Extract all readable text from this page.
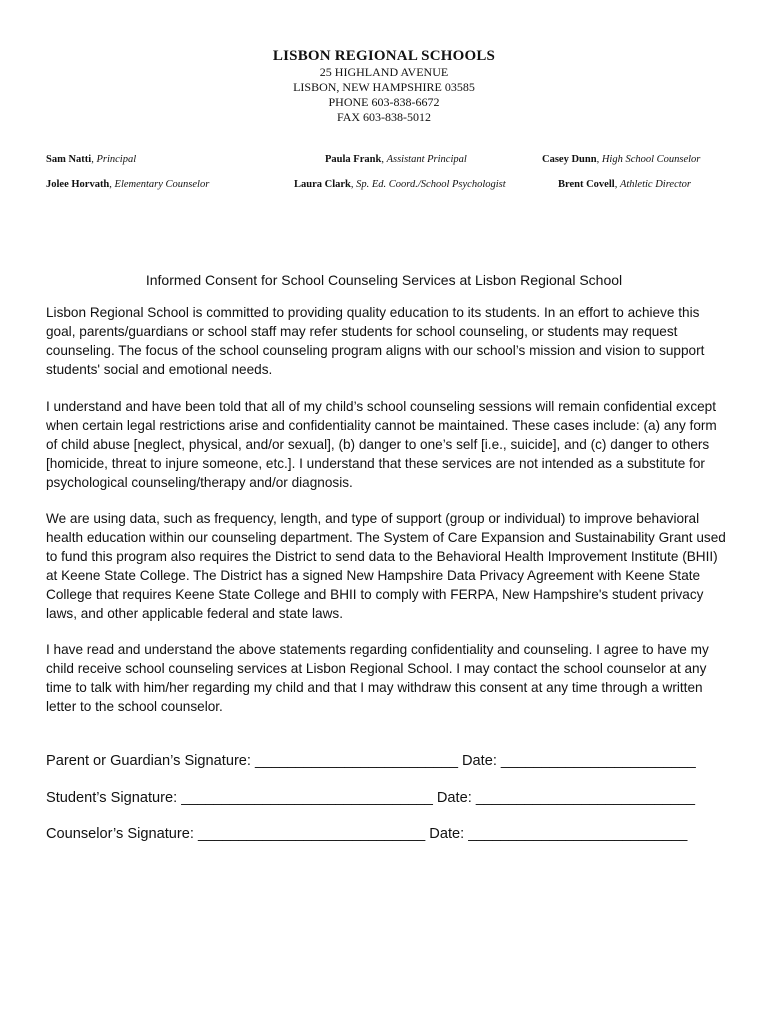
LISBON REGIONAL SCHOOLS
25 HIGHLAND AVENUE
LISBON, NEW HAMPSHIRE 03585
PHONE 603-838-6672
FAX 603-838-5012
Sam Natti, Principal	Paula Frank, Assistant Principal	Casey Dunn, High School Counselor
Jolee Horvath, Elementary Counselor	Laura Clark, Sp. Ed. Coord./School Psychologist	Brent Covell, Athletic Director
Informed Consent for School Counseling Services at Lisbon Regional School

Lisbon Regional School is committed to providing quality education to its students. In an effort to achieve this goal, parents/guardians or school staff may refer students for school counseling, or students may request counseling. The focus of the school counseling program aligns with our school’s mission and vision to support students' social and emotional needs.

I understand and have been told that all of my child’s school counseling sessions will remain confidential except when certain legal restrictions arise and confidentiality cannot be maintained. These cases include: (a) any form of child abuse [neglect, physical, and/or sexual], (b) danger to one’s self [i.e., suicide], and (c) danger to others [homicide, threat to injure someone, etc.]. I understand that these services are not intended as a substitute for psychological counseling/therapy and/or diagnosis.

We are using data, such as frequency, length, and type of support (group or individual) to improve behavioral health education within our counseling department. The System of Care Expansion and Sustainability Grant used to fund this program also requires the District to send data to the Behavioral Health Improvement Institute (BHII) at Keene State College. The District has a signed New Hampshire Data Privacy Agreement with Keene State College that requires Keene State College and BHII to comply with FERPA, New Hampshire's student privacy laws, and other applicable federal and state laws.

I have read and understand the above statements regarding confidentiality and counseling. I agree to have my child receive school counseling services at Lisbon Regional School. I may contact the school counselor at any time to talk with him/her regarding my child and that I may withdraw this consent at any time through a written letter to the school counselor.

Parent or Guardian’s Signature: _________________________ Date: ________________________
Student’s Signature: _______________________________ Date: ___________________________
Counselor’s Signature: ____________________________ Date: ___________________________
